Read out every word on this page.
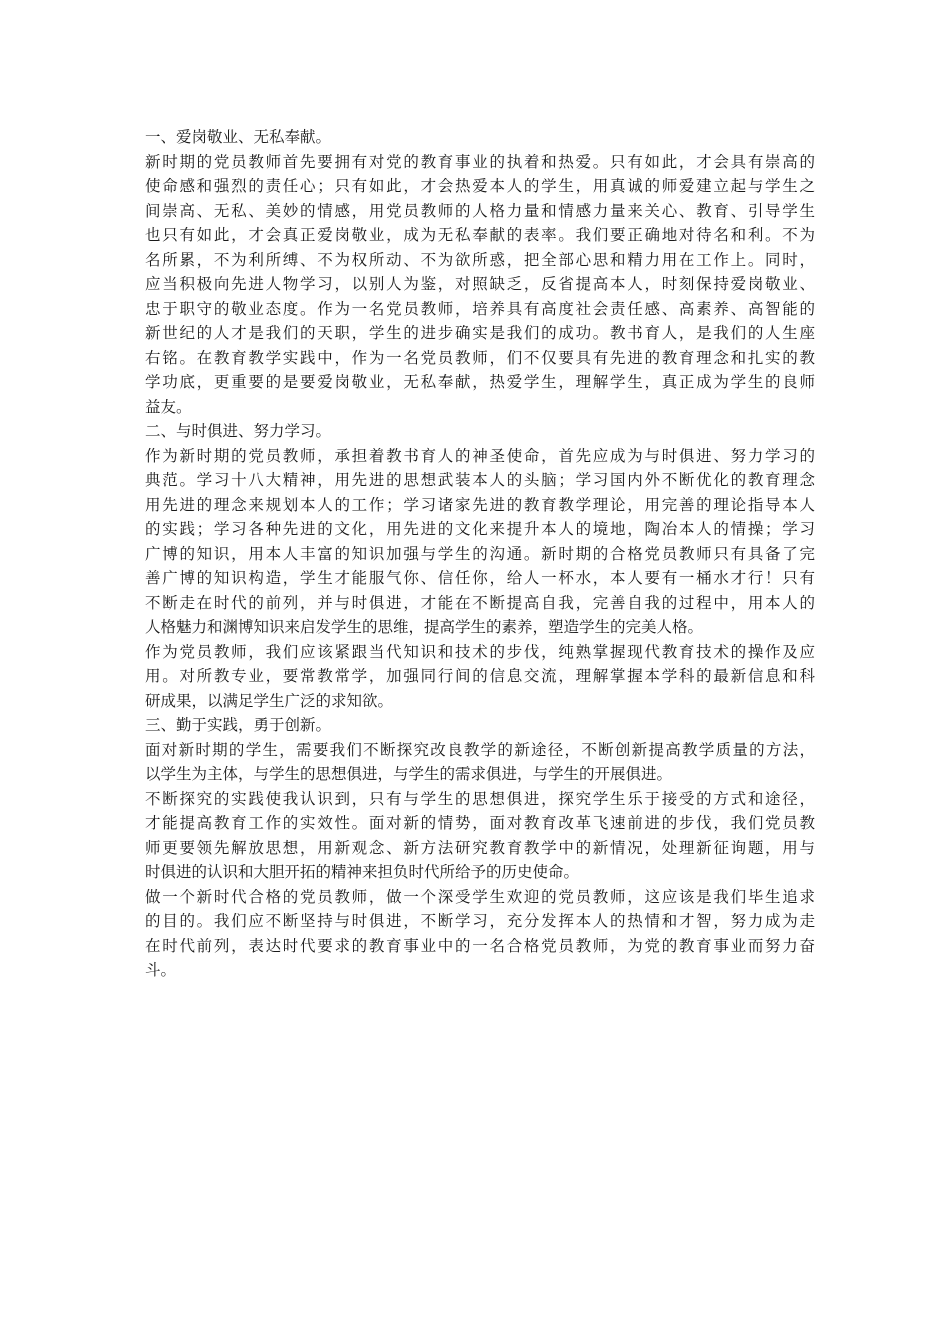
一、爱岗敬业、无私奉献。
新时期的党员教师首先要拥有对党的教育事业的执着和热爱。只有如此，才会具有崇高的
使命感和强烈的责任心；只有如此，才会热爱本人的学生，用真诚的师爱建立起与学生之
间崇高、无私、美妙的情感，用党员教师的人格力量和情感力量来关心、教育、引导学生
也只有如此，才会真正爱岗敬业，成为无私奉献的表率。我们要正确地对待名和利。不为
名所累，不为利所缚、不为权所动、不为欲所惑，把全部心思和精力用在工作上。同时，
应当积极向先进人物学习，以别人为鉴，对照缺乏，反省提高本人，时刻保持爱岗敬业、
忠于职守的敬业态度。作为一名党员教师，培养具有高度社会责任感、高素养、高智能的
新世纪的人才是我们的天职，学生的进步确实是我们的成功。教书育人，是我们的人生座
右铭。在教育教学实践中，作为一名党员教师，们不仅要具有先进的教育理念和扎实的教
学功底，更重要的是要爱岗敬业，无私奉献，热爱学生，理解学生，真正成为学生的良师
益友。
二、与时俱进、努力学习。
作为新时期的党员教师，承担着教书育人的神圣使命，首先应成为与时俱进、努力学习的
典范。学习十八大精神，用先进的思想武装本人的头脑；学习国内外不断优化的教育理念
用先进的理念来规划本人的工作；学习诸家先进的教育教学理论，用完善的理论指导本人
的实践；学习各种先进的文化，用先进的文化来提升本人的境地，陶冶本人的情操；学习
广博的知识，用本人丰富的知识加强与学生的沟通。新时期的合格党员教师只有具备了完
善广博的知识构造，学生才能服气你、信任你，给人一杯水，本人要有一桶水才行！只有
不断走在时代的前列，并与时俱进，才能在不断提高自我，完善自我的过程中，用本人的
人格魅力和渊博知识来启发学生的思维，提高学生的素养，塑造学生的完美人格。
作为党员教师，我们应该紧跟当代知识和技术的步伐，纯熟掌握现代教育技术的操作及应
用。对所教专业，要常教常学，加强同行间的信息交流，理解掌握本学科的最新信息和科
研成果，以满足学生广泛的求知欲。
三、勤于实践，勇于创新。
面对新时期的学生，需要我们不断探究改良教学的新途径，不断创新提高教学质量的方法，
以学生为主体，与学生的思想俱进，与学生的需求俱进，与学生的开展俱进。
不断探究的实践使我认识到，只有与学生的思想俱进，探究学生乐于接受的方式和途径，
才能提高教育工作的实效性。面对新的情势，面对教育改革飞速前进的步伐，我们党员教
师更要领先解放思想，用新观念、新方法研究教育教学中的新情况，处理新征询题，用与
时俱进的认识和大胆开拓的精神来担负时代所给予的历史使命。
做一个新时代合格的党员教师，做一个深受学生欢迎的党员教师，这应该是我们毕生追求
的目的。我们应不断坚持与时俱进，不断学习，充分发挥本人的热情和才智，努力成为走
在时代前列，表达时代要求的教育事业中的一名合格党员教师，为党的教育事业而努力奋
斗。
